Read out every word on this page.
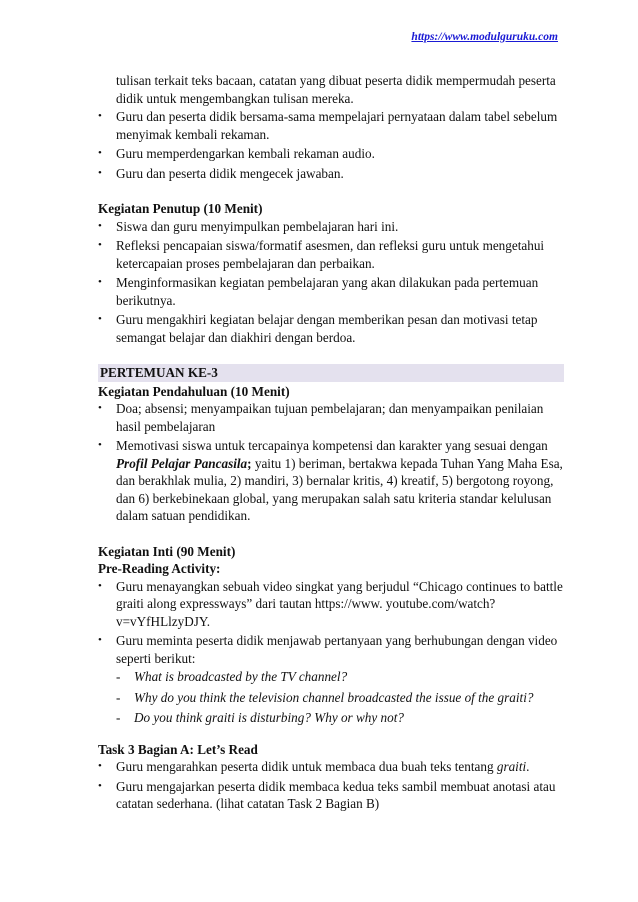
https://www.modulguruku.com

tulisan terkait teks bacaan, catatan yang dibuat peserta didik mempermudah peserta didik untuk mengembangkan tulisan mereka.

•	Guru dan peserta didik bersama-sama mempelajari pernyataan dalam tabel sebelum menyimak kembali rekaman.
•	Guru memperdengarkan kembali rekaman audio.
•	Guru dan peserta didik mengecek jawaban.

Kegiatan Penutup (10 Menit)

•	Siswa dan guru menyimpulkan pembelajaran hari ini.
•	Refleksi pencapaian siswa/formatif asesmen, dan refleksi guru untuk mengetahui ketercapaian proses pembelajaran dan perbaikan.
•	Menginformasikan kegiatan pembelajaran yang akan dilakukan pada pertemuan berikutnya.
•	Guru mengakhiri kegiatan belajar dengan memberikan pesan dan motivasi tetap semangat belajar dan diakhiri dengan berdoa.

PERTEMUAN KE-3

Kegiatan Pendahuluan (10 Menit)

•	Doa; absensi; menyampaikan tujuan pembelajaran; dan menyampaikan penilaian hasil pembelajaran
•	Memotivasi siswa untuk tercapainya kompetensi dan karakter yang sesuai dengan Profil Pelajar Pancasila; yaitu 1) beriman, bertakwa kepada Tuhan Yang Maha Esa, dan berakhlak mulia, 2) mandiri, 3) bernalar kritis, 4) kreatif, 5) bergotong royong, dan 6) berkebinekaan global, yang merupakan salah satu kriteria standar kelulusan dalam satuan pendidikan.

Kegiatan Inti (90 Menit)

Pre-Reading Activity:

•	Guru menayangkan sebuah video singkat yang berjudul “Chicago continues to battle graiti along expressways” dari tautan https://www. youtube.com/watch?v=vYfHLlzyDJY.
•	Guru meminta peserta didik menjawab pertanyaan yang berhubungan dengan video seperti berikut:
- What is broadcasted by the TV channel?
- Why do you think the television channel broadcasted the issue of the graiti?
- Do you think graiti is disturbing? Why or why not?

Task 3 Bagian A: Let’s Read

•	Guru mengarahkan peserta didik untuk membaca dua buah teks tentang graiti.
•	Guru mengajarkan peserta didik membaca kedua teks sambil membuat anotasi atau catatan sederhana. (lihat catatan Task 2 Bagian B)
